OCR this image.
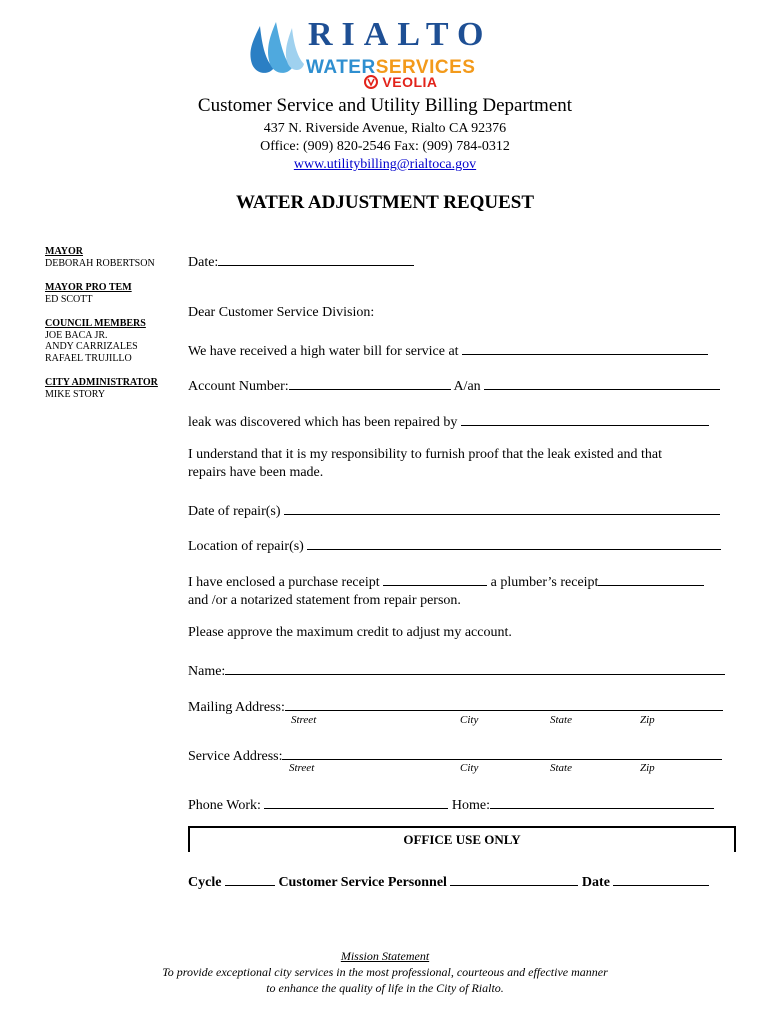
RIALTO
WATERSERVICES
VEOLIA
Customer Service and Utility Billing Department
437 N. Riverside Avenue, Rialto CA 92376
Office: (909) 820-2546 Fax: (909) 784-0312
www.utilitybilling@rialtoca.gov
WATER ADJUSTMENT REQUEST
MAYOR
DEBORAH ROBERTSON
MAYOR PRO TEM
ED SCOTT
COUNCIL MEMBERS
JOE BACA JR.
ANDY CARRIZALES
RAFAEL TRUJILLO
CITY ADMINISTRATOR
MIKE STORY
Date:
Dear Customer Service Division:
We have received a high water bill for service at
Account Number:	A/an
leak was discovered which has been repaired by
I understand that it is my responsibility to furnish proof that the leak existed and that
repairs have been made.
Date of repair(s)
Location of repair(s)
I have enclosed a purchase receipt	a plumber’s receipt
and /or a notarized statement from repair person.
Please approve the maximum credit to adjust my account.
Name:
Mailing Address:
Street	City	State	Zip
Service Address:
Street	City	State	Zip
Phone Work:	Home:
OFFICE USE ONLY
Cycle	Customer Service Personnel	Date
Mission Statement
To provide exceptional city services in the most professional, courteous and effective manner
to enhance the quality of life in the City of Rialto.
